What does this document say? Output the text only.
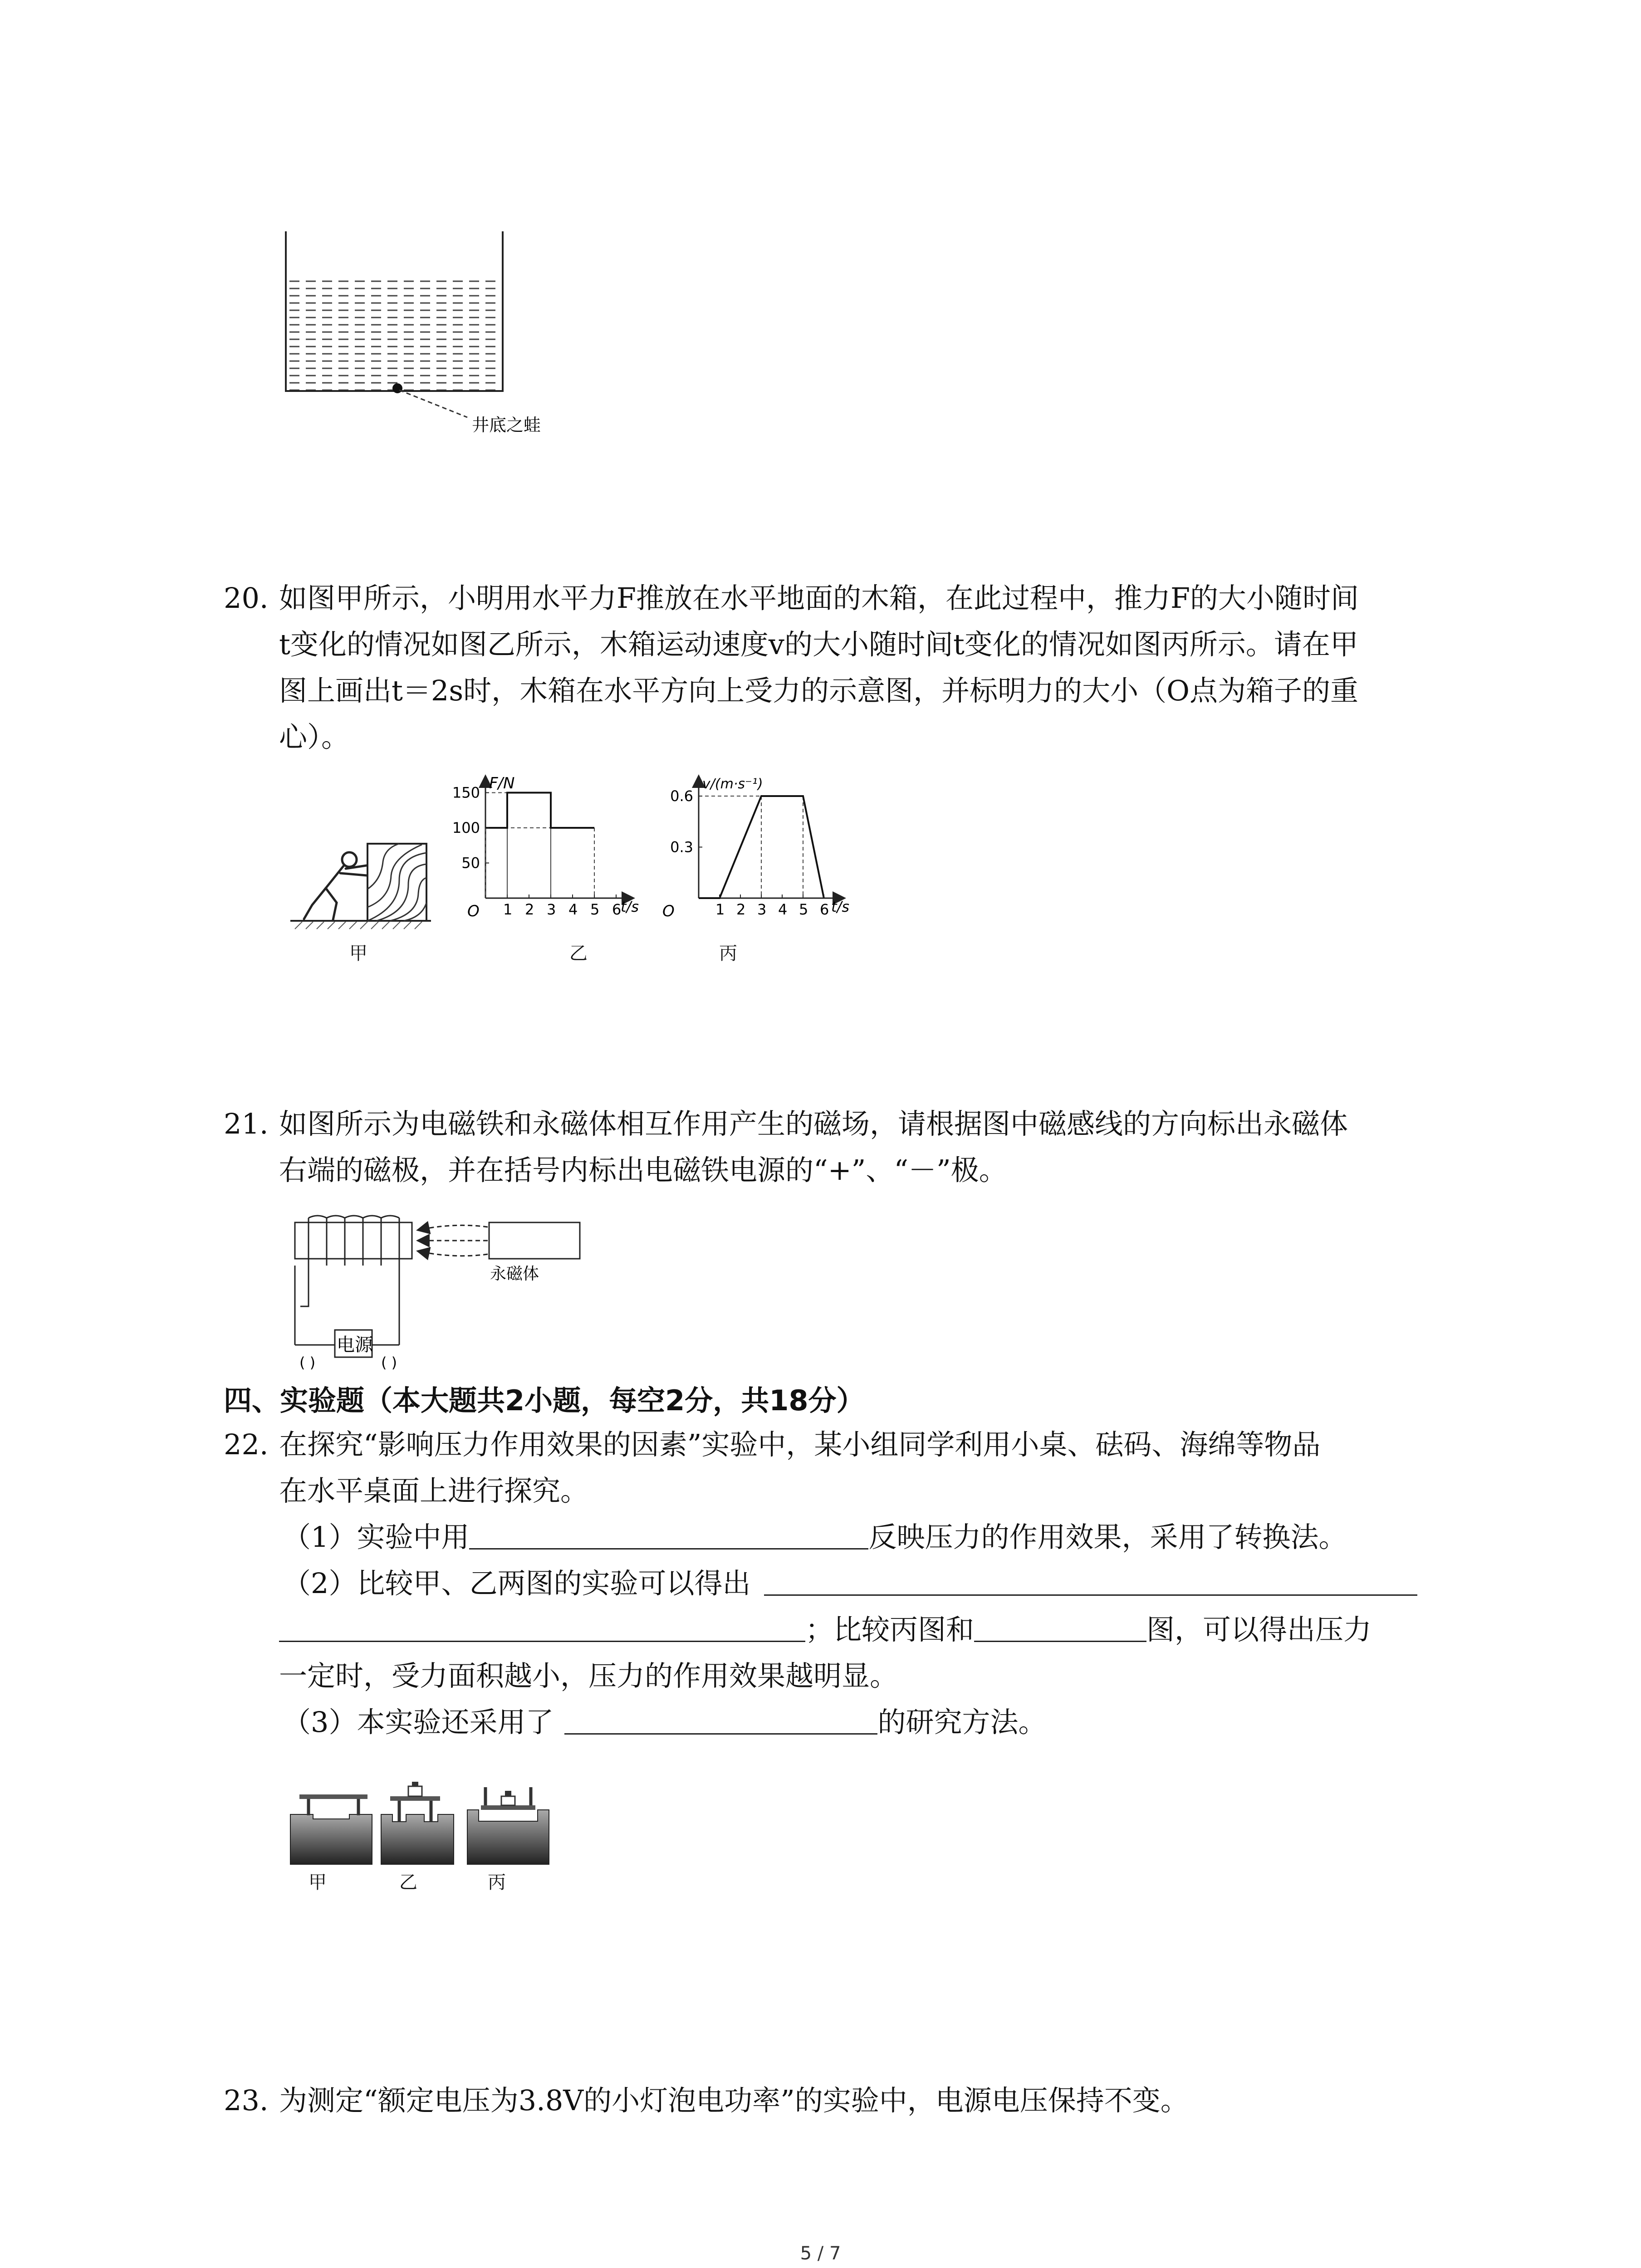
井底之蛙
20. 如图甲所示，小明用水平力F推放在水平地面的木箱，在此过程中，推力F的大小随时间
t变化的情况如图乙所示，木箱运动速度v的大小随时间t变化的情况如图丙所示。请在甲
图上画出t＝2s时，木箱在水平方向上受力的示意图，并标明力的大小（O点为箱子的重
心）。
甲
F/N
t/s
O 1 2 3 4 5 6
50
100
150
乙
v/(m·s⁻¹)
t/s
O	1 2 3 4 5 6
0.3
0.6
丙
21. 如图所示为电磁铁和永磁体相互作用产生的磁场，请根据图中磁感线的方向标出永磁体
右端的磁极，并在括号内标出电磁铁电源的“+”、“－”极。
电源
( )	( )
永磁体
四、实验题（本大题共2小题，每空2分，共18分）
22. 在探究“影响压力作用效果的因素”实验中，某小组同学利用小桌、砝码、海绵等物品
在水平桌面上进行探究。
（1）实验中用	反映压力的作用效果，采用了转换法。
（2）比较甲、乙两图的实验可以得出
；比较丙图和	图，可以得出压力
一定时，受力面积越小，压力的作用效果越明显。
（3）本实验还采用了	的研究方法。
甲	乙	丙
23. 为测定“额定电压为3.8V的小灯泡电功率”的实验中，电源电压保持不变。
5 / 7
